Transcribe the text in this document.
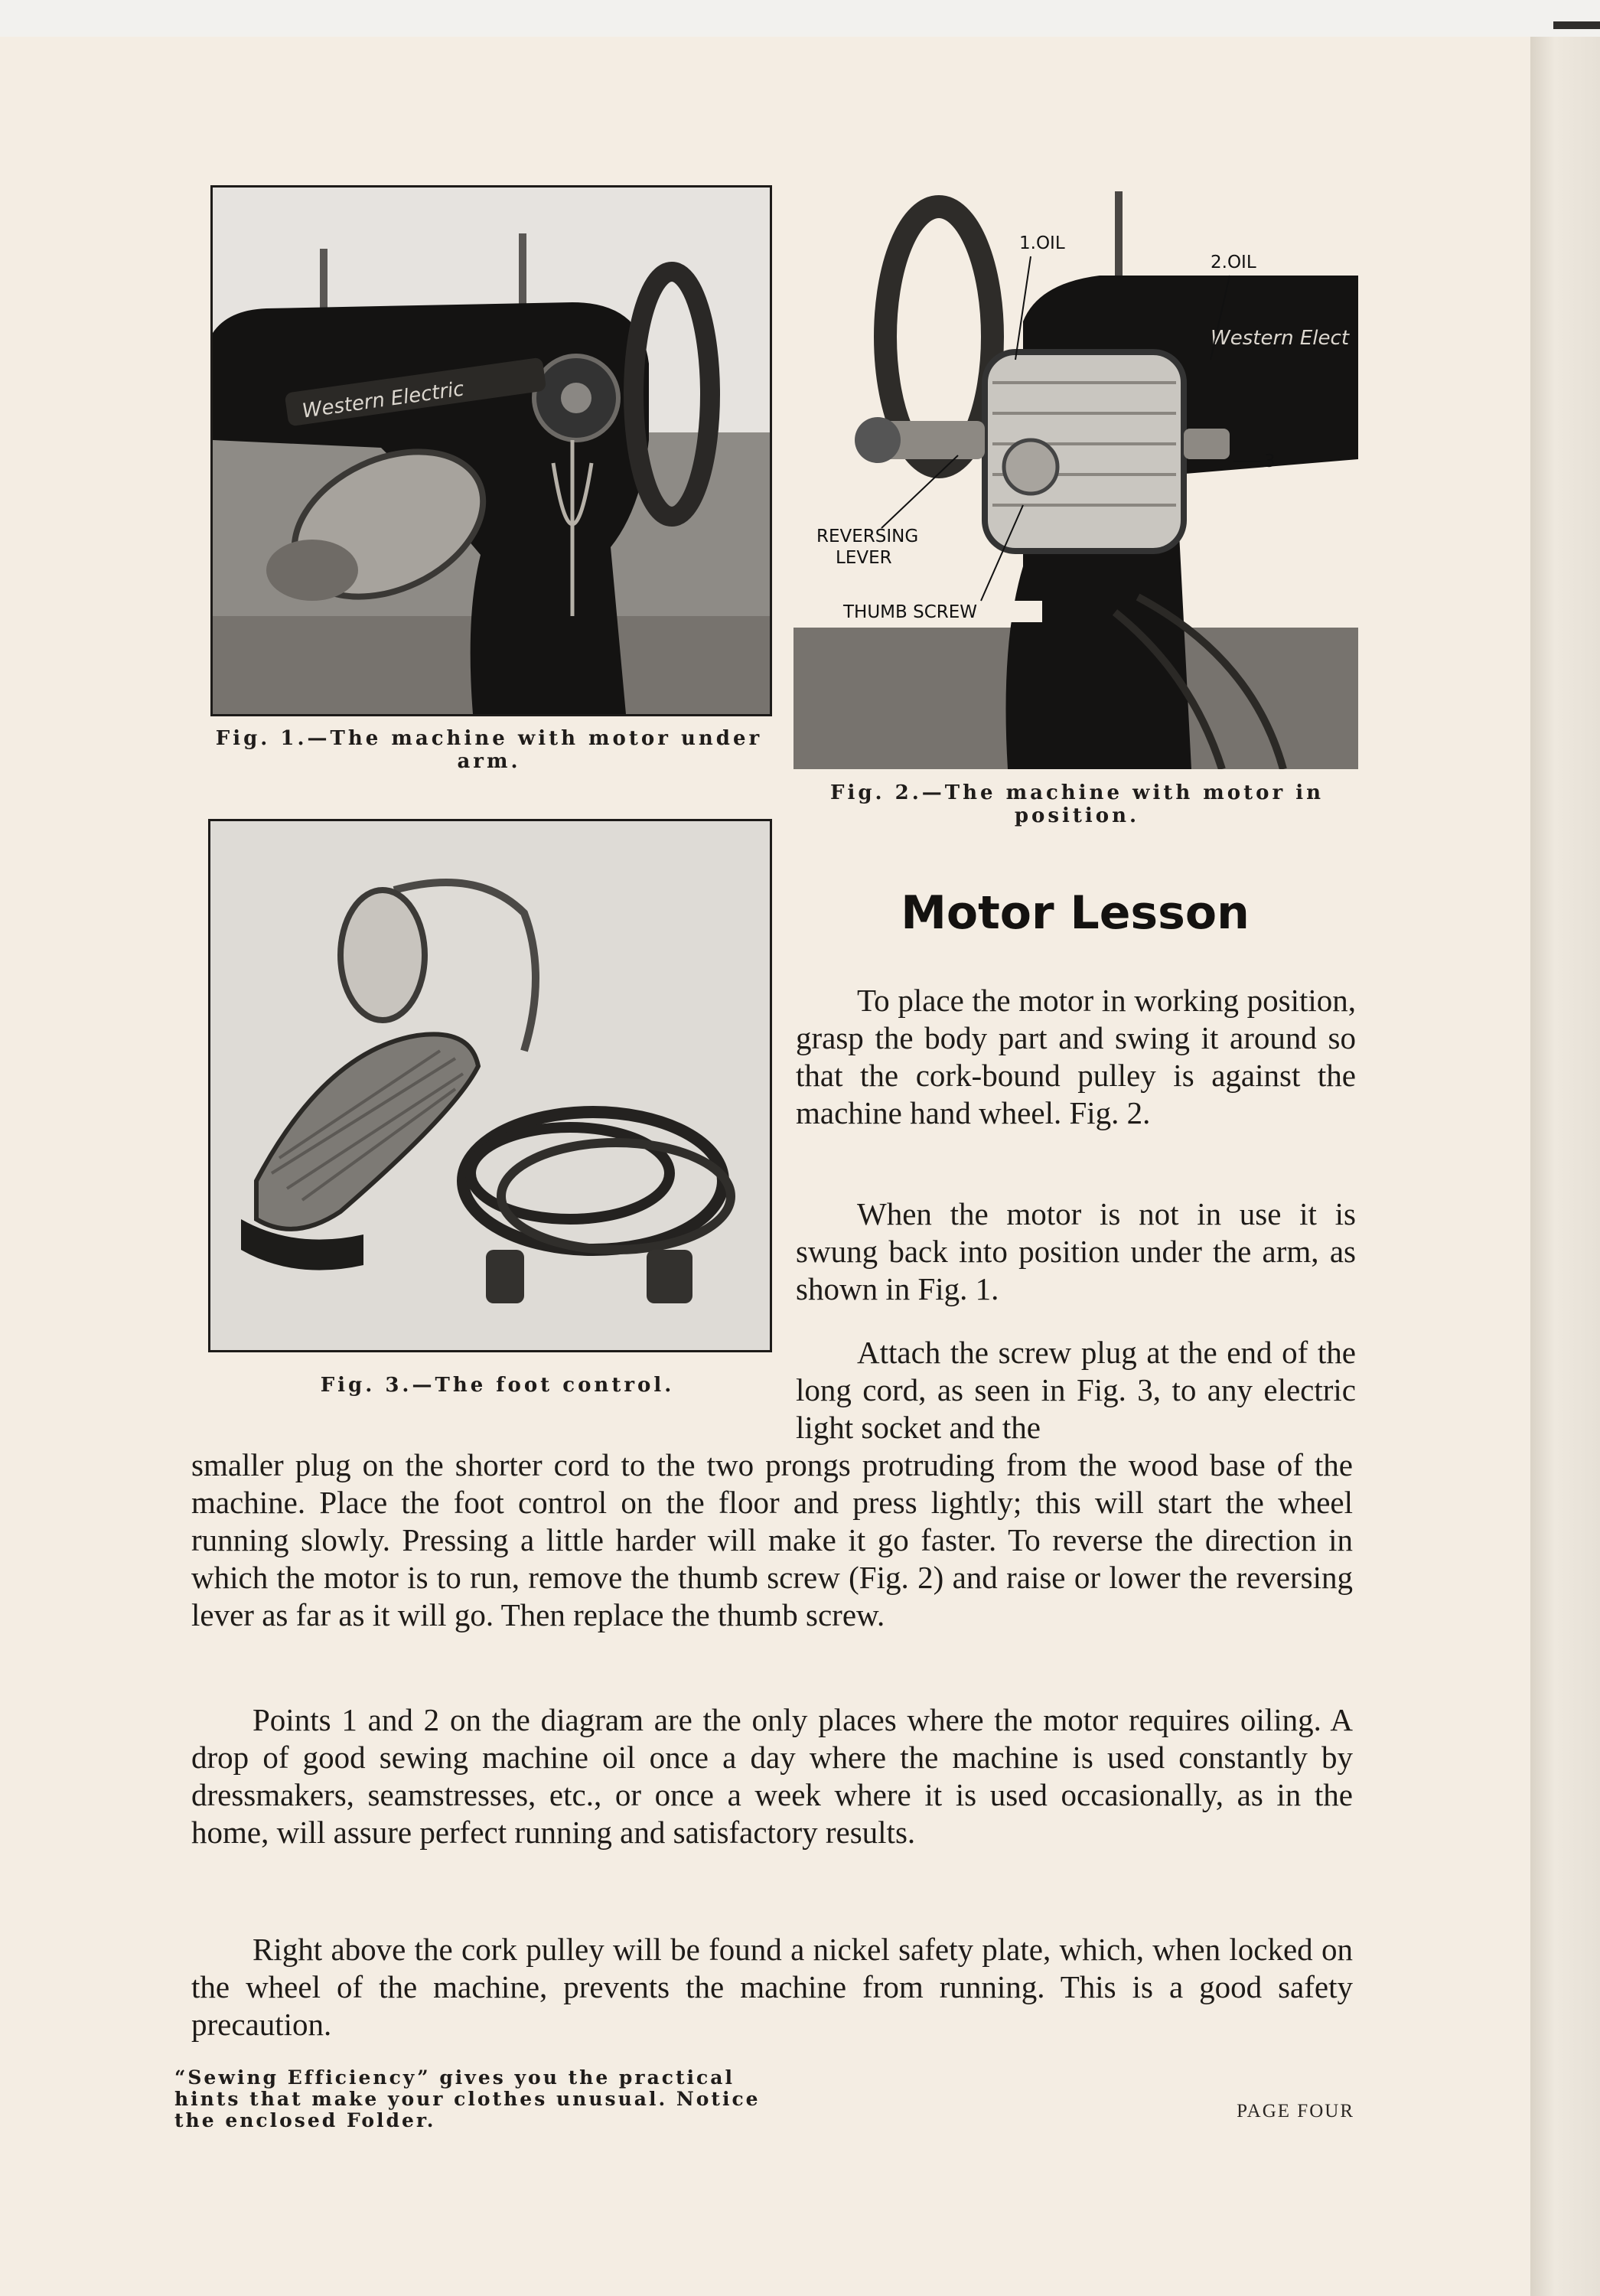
Western Electric
Fig. 1.—The machine with motor under arm.
Western Elect
1.OIL
2.OIL
3
REVERSING
LEVER
THUMB SCREW
Fig. 2.—The machine with motor in position.
Fig. 3.—The foot control.
Motor Lesson

To place the motor in working position, grasp the body part and swing it around so that the cork-bound pulley is against the machine hand wheel. Fig. 2.

When the motor is not in use it is swung back into position under the arm, as shown in Fig. 1.

Attach the screw plug at the end of the long cord, as seen in Fig. 3, to any electric light socket and the

smaller plug on the shorter cord to the two prongs protruding from the wood base of the machine. Place the foot control on the floor and press lightly; this will start the wheel running slowly. Pressing a little harder will make it go faster. To reverse the direction in which the motor is to run, remove the thumb screw (Fig. 2) and raise or lower the reversing lever as far as it will go. Then replace the thumb screw.

Points 1 and 2 on the diagram are the only places where the motor requires oiling. A drop of good sewing machine oil once a day where the machine is used constantly by dressmakers, seamstresses, etc., or once a week where it is used occasionally, as in the home, will assure perfect running and satisfactory results.

Right above the cork pulley will be found a nickel safety plate, which, when locked on the wheel of the machine, prevents the machine from running. This is a good safety precaution.

“Sewing Efficiency” gives you the practical hints that make your clothes unusual. Notice the enclosed Folder.	PAGE FOUR
